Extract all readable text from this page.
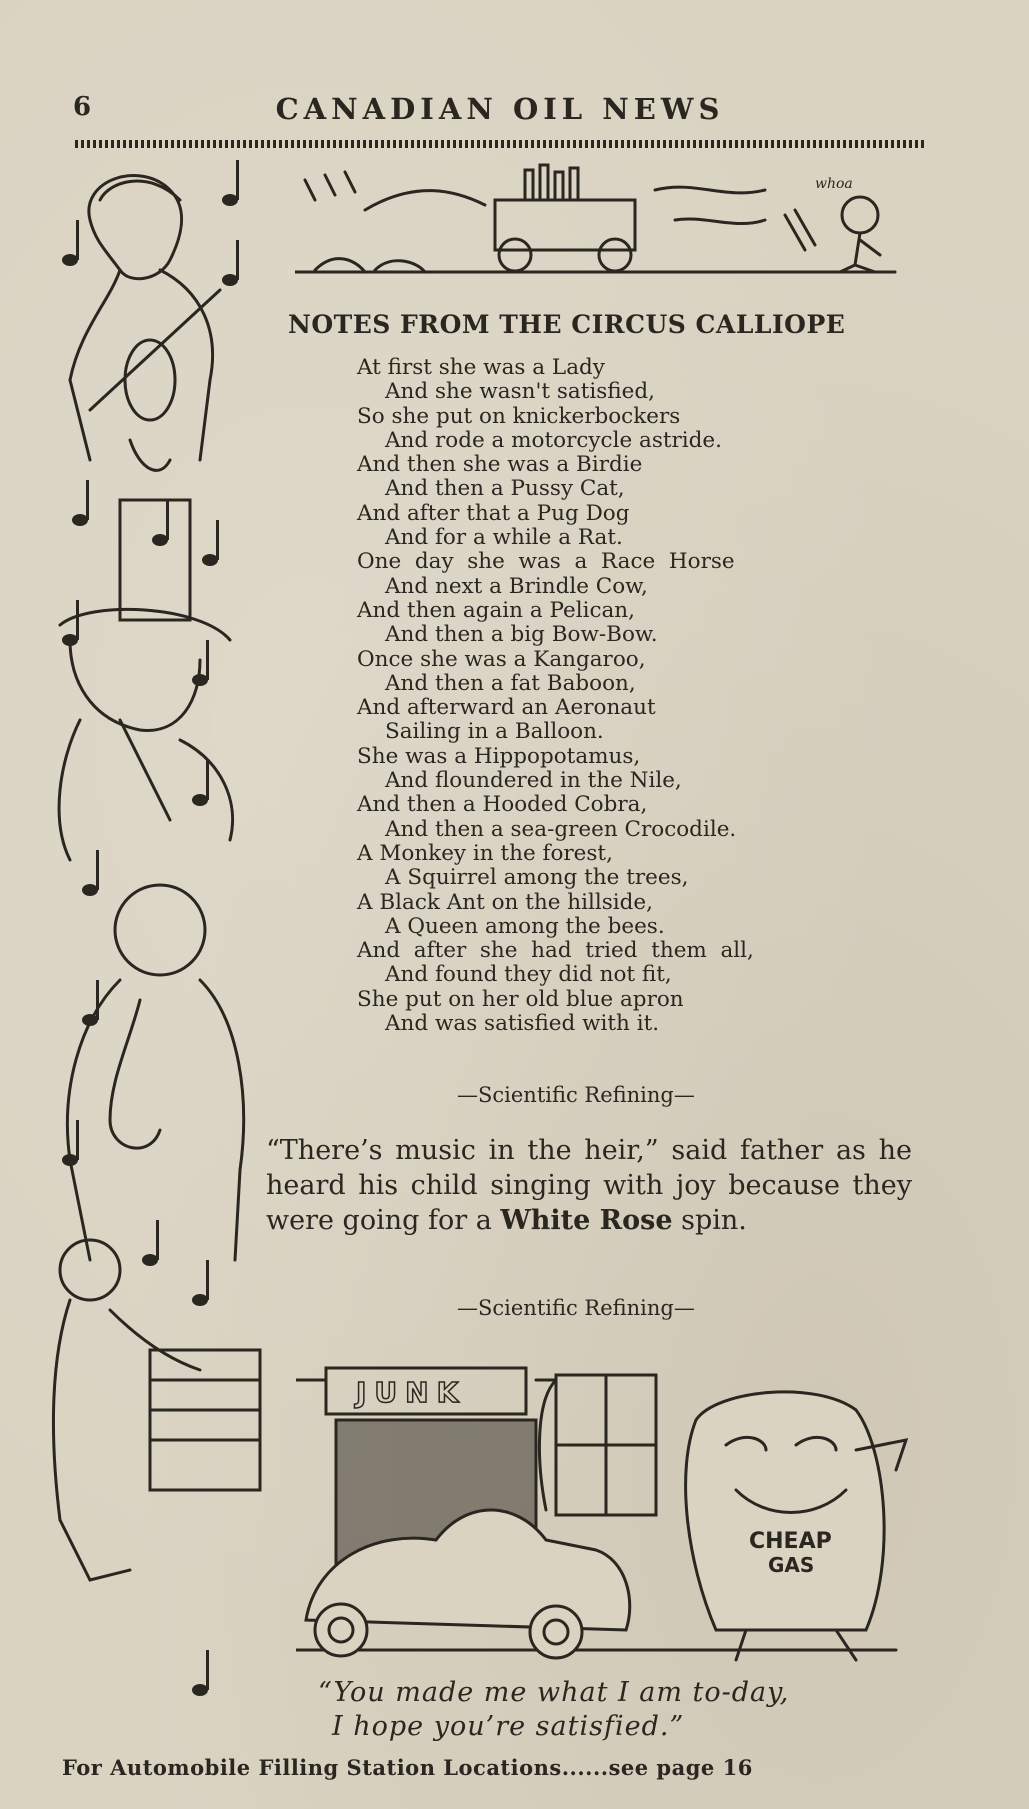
6	CANADIAN OIL NEWS
whoa
NOTES FROM THE CIRCUS CALLIOPE
At first she was a Lady
And she wasn't satisfied,
So she put on knickerbockers
And rode a motorcycle astride.
And then she was a Birdie
And then a Pussy Cat,
And after that a Pug Dog
And for a while a Rat.
One  day  she  was  a  Race  Horse
And next a Brindle Cow,
And then again a Pelican,
And then a big Bow-Bow.
Once she was a Kangaroo,
And then a fat Baboon,
And afterward an Aeronaut
Sailing in a Balloon.
She was a Hippopotamus,
And floundered in the Nile,
And then a Hooded Cobra,
And then a sea-green Crocodile.
A Monkey in the forest,
A Squirrel among the trees,
A Black Ant on the hillside,
A Queen among the bees.
And  after  she  had  tried  them  all,
And found they did not fit,
She put on her old blue apron
And was satisfied with it.
—Scientific Refining—
“There’s music in the heir,” said father as he heard his child singing with joy because they were going for a White Rose spin.
—Scientific Refining—
JUNK
CHEAP
GAS
“You made me what I am to-day,
I hope you’re satisfied.”
For Automobile Filling Station Locations......see page 16
